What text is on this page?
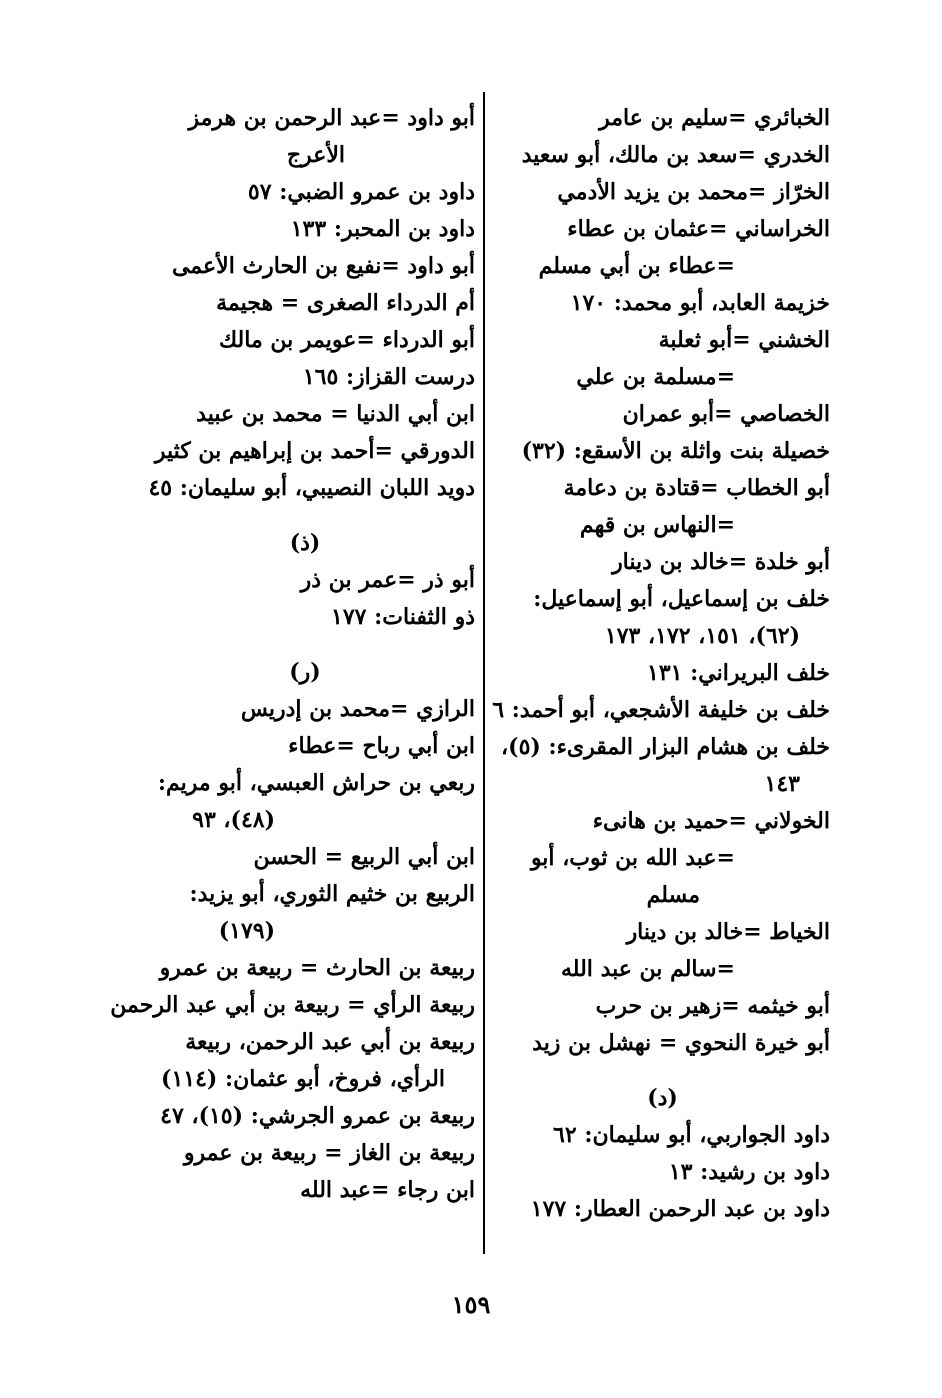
الخبائري =سليم بن عامر
الخدري =سعد بن مالك، أبو سعيد
الخرّاز =محمد بن يزيد الأدمي
الخراساني =عثمان بن عطاء
=عطاء بن أبي مسلم
خزيمة العابد، أبو محمد: ١٧٠
الخشني =أبو ثعلبة
=مسلمة بن علي
الخصاصي =أبو عمران
خصيلة بنت واثلة بن الأسقع: (٣٢)
أبو الخطاب =قتادة بن دعامة
=النهاس بن قهم
أبو خلدة =خالد بن دينار
خلف بن إسماعيل، أبو إسماعيل:
(٦٢)، ١٥١، ١٧٢، ١٧٣
خلف البريراني: ١٣١
خلف بن خليفة الأشجعي، أبو أحمد: ٦
خلف بن هشام البزار المقرىء: (٥)،
١٤٣
الخولاني =حميد بن هانىء
=عبد الله بن ثوب، أبو
مسلم
الخياط =خالد بن دينار
=سالم بن عبد الله
أبو خيثمه =زهير بن حرب
أبو خيرة النحوي = نهشل بن زيد
(د)
داود الجواربي، أبو سليمان: ٦٢
داود بن رشيد: ١٣
داود بن عبد الرحمن العطار: ١٧٧
أبو داود =عبد الرحمن بن هرمز
الأعرج
داود بن عمرو الضبي: ٥٧
داود بن المحبر: ١٣٣
أبو داود =نفيع بن الحارث الأعمى
أم الدرداء الصغرى = هجيمة
أبو الدرداء =عويمر بن مالك
درست القزاز: ١٦٥
ابن أبي الدنيا = محمد بن عبيد
الدورقي =أحمد بن إبراهيم بن كثير
دويد اللبان النصيبي، أبو سليمان: ٤٥
(ذ)
أبو ذر =عمر بن ذر
ذو الثفنات: ١٧٧
(ر)
الرازي =محمد بن إدريس
ابن أبي رباح =عطاء
ربعي بن حراش العبسي، أبو مريم:
(٤٨)، ٩٣
ابن أبي الربيع = الحسن
الربيع بن خثيم الثوري، أبو يزيد:
(١٧٩)
ربيعة بن الحارث = ربيعة بن عمرو
ربيعة الرأي = ربيعة بن أبي عبد الرحمن
ربيعة بن أبي عبد الرحمن، ربيعة
الرأي، فروخ، أبو عثمان: (١١٤)
ربيعة بن عمرو الجرشي: (١٥)، ٤٧
ربيعة بن الغاز = ربيعة بن عمرو
ابن رجاء =عبد الله
١٥٩
